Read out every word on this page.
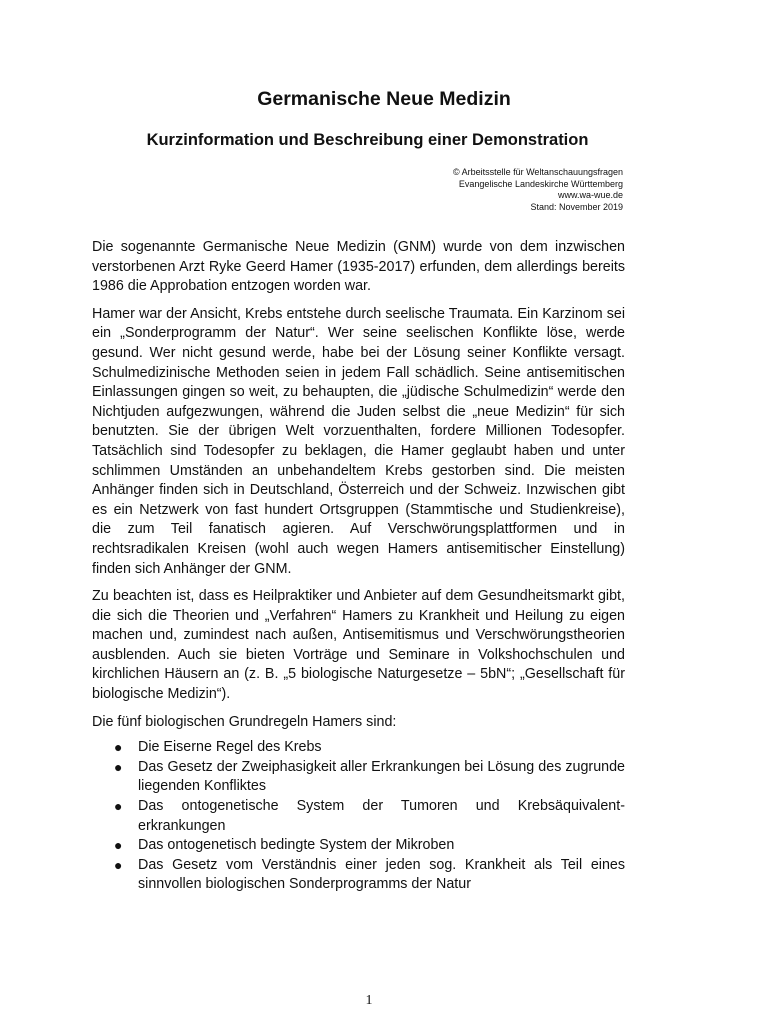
Germanische Neue Medizin
Kurzinformation und Beschreibung einer Demonstration
© Arbeitsstelle für Weltanschauungsfragen
Evangelische Landeskirche Württemberg
www.wa-wue.de
Stand: November 2019

Die sogenannte Germanische Neue Medizin (GNM) wurde von dem inzwischen verstorbenen Arzt Ryke Geerd Hamer (1935-2017) erfunden, dem allerdings bereits 1986 die Approbation entzogen worden war.

Hamer war der Ansicht, Krebs entstehe durch seelische Traumata. Ein Karzinom sei ein „Sonderprogramm der Natur“. Wer seine seelischen Konflikte löse, werde gesund. Wer nicht gesund werde, habe bei der Lösung seiner Konflikte versagt. Schulmedizinische Methoden seien in jedem Fall schädlich. Seine antisemitischen Einlassungen gingen so weit, zu behaupten, die „jüdische Schulmedizin“ werde den Nichtjuden aufgezwungen, während die Juden selbst die „neue Medizin“ für sich benutzten. Sie der übrigen Welt vorzuenthalten, fordere Millionen Todesopfer. Tatsächlich sind Todesopfer zu beklagen, die Hamer geglaubt haben und unter schlimmen Umständen an unbehandeltem Krebs gestorben sind. Die meisten Anhänger finden sich in Deutschland, Österreich und der Schweiz. Inzwischen gibt es ein Netzwerk von fast hundert Ortsgruppen (Stammtische und Studienkreise), die zum Teil fanatisch agieren. Auf Verschwörungsplattformen und in rechtsradikalen Kreisen (wohl auch wegen Hamers antisemitischer Einstellung) finden sich Anhänger der GNM.

Zu beachten ist, dass es Heilpraktiker und Anbieter auf dem Gesundheitsmarkt gibt, die sich die Theorien und „Verfahren“ Hamers zu Krankheit und Heilung zu eigen machen und, zumindest nach außen, Antisemitismus und Verschwörungstheorien ausblenden. Auch sie bieten Vorträge und Seminare in Volkshochschulen und kirchlichen Häusern an (z. B. „5 biologische Naturgesetze – 5bN“; „Gesellschaft für biologische Medizin“).

Die fünf biologischen Grundregeln Hamers sind:

● Die Eiserne Regel des Krebs
● Das Gesetz der Zweiphasigkeit aller Erkrankungen bei Lösung des zugrunde liegenden Konfliktes
● Das ontogenetische System der Tumoren und Krebsäquivalent-erkrankungen
● Das ontogenetisch bedingte System der Mikroben
● Das Gesetz vom Verständnis einer jeden sog. Krankheit als Teil eines sinnvollen biologischen Sonderprogramms der Natur
1
